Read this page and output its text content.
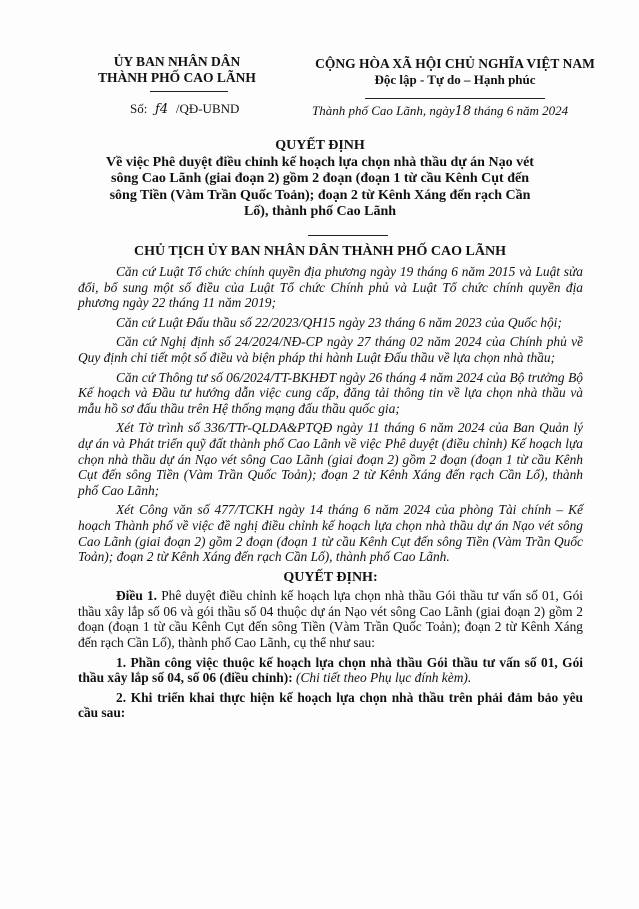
ỦY BAN NHÂN DÂN
THÀNH PHỐ CAO LÃNH
Số: ƒ4 /QĐ-UBND
CỘNG HÒA XÃ HỘI CHỦ NGHĨA VIỆT NAM
Độc lập - Tự do – Hạnh phúc
Thành phố Cao Lãnh, ngày18 tháng 6 năm 2024
QUYẾT ĐỊNH
Về việc Phê duyệt điều chỉnh kế hoạch lựa chọn nhà thầu dự án Nạo vét
sông Cao Lãnh (giai đoạn 2) gồm 2 đoạn (đoạn 1 từ cầu Kênh Cụt đến
sông Tiền (Vàm Trần Quốc Toản); đoạn 2 từ Kênh Xáng đến rạch Cần
Lố), thành phố Cao Lãnh
CHỦ TỊCH ỦY BAN NHÂN DÂN THÀNH PHỐ CAO LÃNH

Căn cứ Luật Tổ chức chính quyền địa phương ngày 19 tháng 6 năm 2015 và Luật sửa đổi, bổ sung một số điều của Luật Tổ chức Chính phủ và Luật Tổ chức chính quyền địa phương ngày 22 tháng 11 năm 2019;

Căn cứ Luật Đấu thầu số 22/2023/QH15 ngày 23 tháng 6 năm 2023 của Quốc hội;

Căn cứ Nghị định số 24/2024/NĐ-CP ngày 27 tháng 02 năm 2024 của Chính phủ về Quy định chi tiết một số điều và biện pháp thi hành Luật Đấu thầu về lựa chọn nhà thầu;

Căn cứ Thông tư số 06/2024/TT-BKHĐT ngày 26 tháng 4 năm 2024 của Bộ trưởng Bộ Kế hoạch và Đầu tư hướng dẫn việc cung cấp, đăng tải thông tin về lựa chọn nhà thầu và mẫu hồ sơ đấu thầu trên Hệ thống mạng đấu thầu quốc gia;

Xét Tờ trình số 336/TTr-QLDA&PTQĐ ngày 11 tháng 6 năm 2024 của Ban Quản lý dự án và Phát triển quỹ đất thành phố Cao Lãnh về việc Phê duyệt (điều chỉnh) Kế hoạch lựa chọn nhà thầu dự án Nạo vét sông Cao Lãnh (giai đoạn 2) gồm 2 đoạn (đoạn 1 từ cầu Kênh Cụt đến sông Tiền (Vàm Trần Quốc Toản); đoạn 2 từ Kênh Xáng đến rạch Cần Lố), thành phố Cao Lãnh;

Xét Công văn số 477/TCKH ngày 14 tháng 6 năm 2024 của phòng Tài chính – Kế hoạch Thành phố về việc đề nghị điều chỉnh kế hoạch lựa chọn nhà thầu dự án Nạo vét sông Cao Lãnh (giai đoạn 2) gồm 2 đoạn (đoạn 1 từ cầu Kênh Cụt đến sông Tiền (Vàm Trần Quốc Toản); đoạn 2 từ Kênh Xáng đến rạch Cần Lố), thành phố Cao Lãnh.

QUYẾT ĐỊNH:

Điều 1. Phê duyệt điều chỉnh kế hoạch lựa chọn nhà thầu Gói thầu tư vấn số 01, Gói thầu xây lắp số 06 và gói thầu số 04 thuộc dự án Nạo vét sông Cao Lãnh (giai đoạn 2) gồm 2 đoạn (đoạn 1 từ cầu Kênh Cụt đến sông Tiền (Vàm Trần Quốc Toản); đoạn 2 từ Kênh Xáng đến rạch Cần Lố), thành phố Cao Lãnh, cụ thể như sau:

1. Phần công việc thuộc kế hoạch lựa chọn nhà thầu Gói thầu tư vấn số 01, Gói thầu xây lắp số 04, số 06 (điều chỉnh): (Chi tiết theo Phụ lục đính kèm).

2. Khi triển khai thực hiện kế hoạch lựa chọn nhà thầu trên phải đảm bảo yêu cầu sau:
